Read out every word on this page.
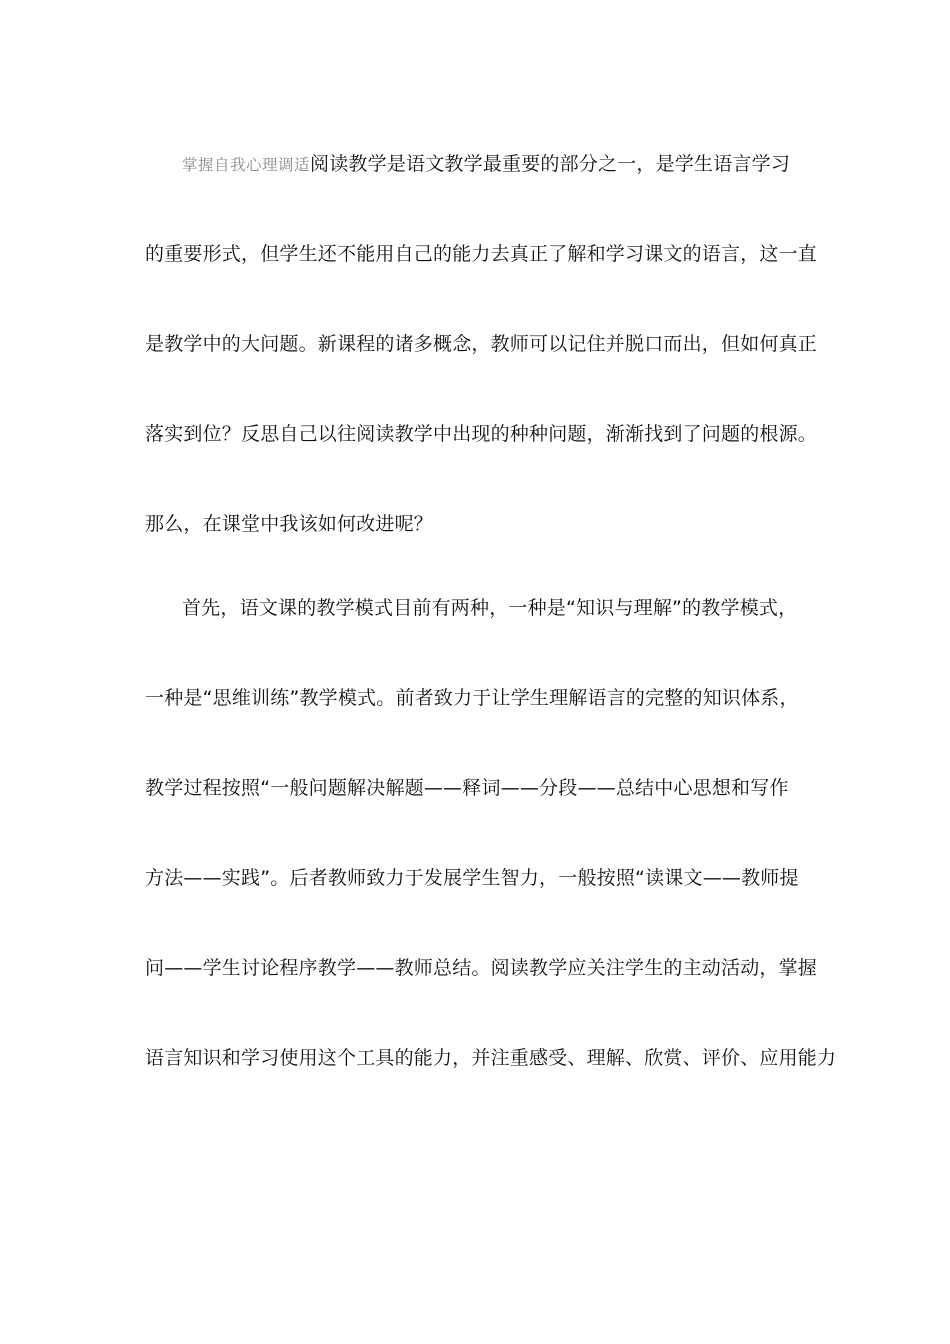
掌握自我心理调适阅读教学是语文教学最重要的部分之一，是学生语言学习
的重要形式，但学生还不能用自己的能力去真正了解和学习课文的语言，这一直
是教学中的大问题。新课程的诸多概念，教师可以记住并脱口而出，但如何真正
落实到位？反思自己以往阅读教学中出现的种种问题，渐渐找到了问题的根源。
那么，在课堂中我该如何改进呢？
首先，语文课的教学模式目前有两种，一种是“知识与理解”的教学模式，
一种是“思维训练”教学模式。前者致力于让学生理解语言的完整的知识体系，
教学过程按照“一般问题解决解题——释词——分段——总结中心思想和写作
方法——实践”。后者教师致力于发展学生智力，一般按照“读课文——教师提
问——学生讨论程序教学——教师总结。阅读教学应关注学生的主动活动，掌握
语言知识和学习使用这个工具的能力，并注重感受、理解、欣赏、评价、应用能力
